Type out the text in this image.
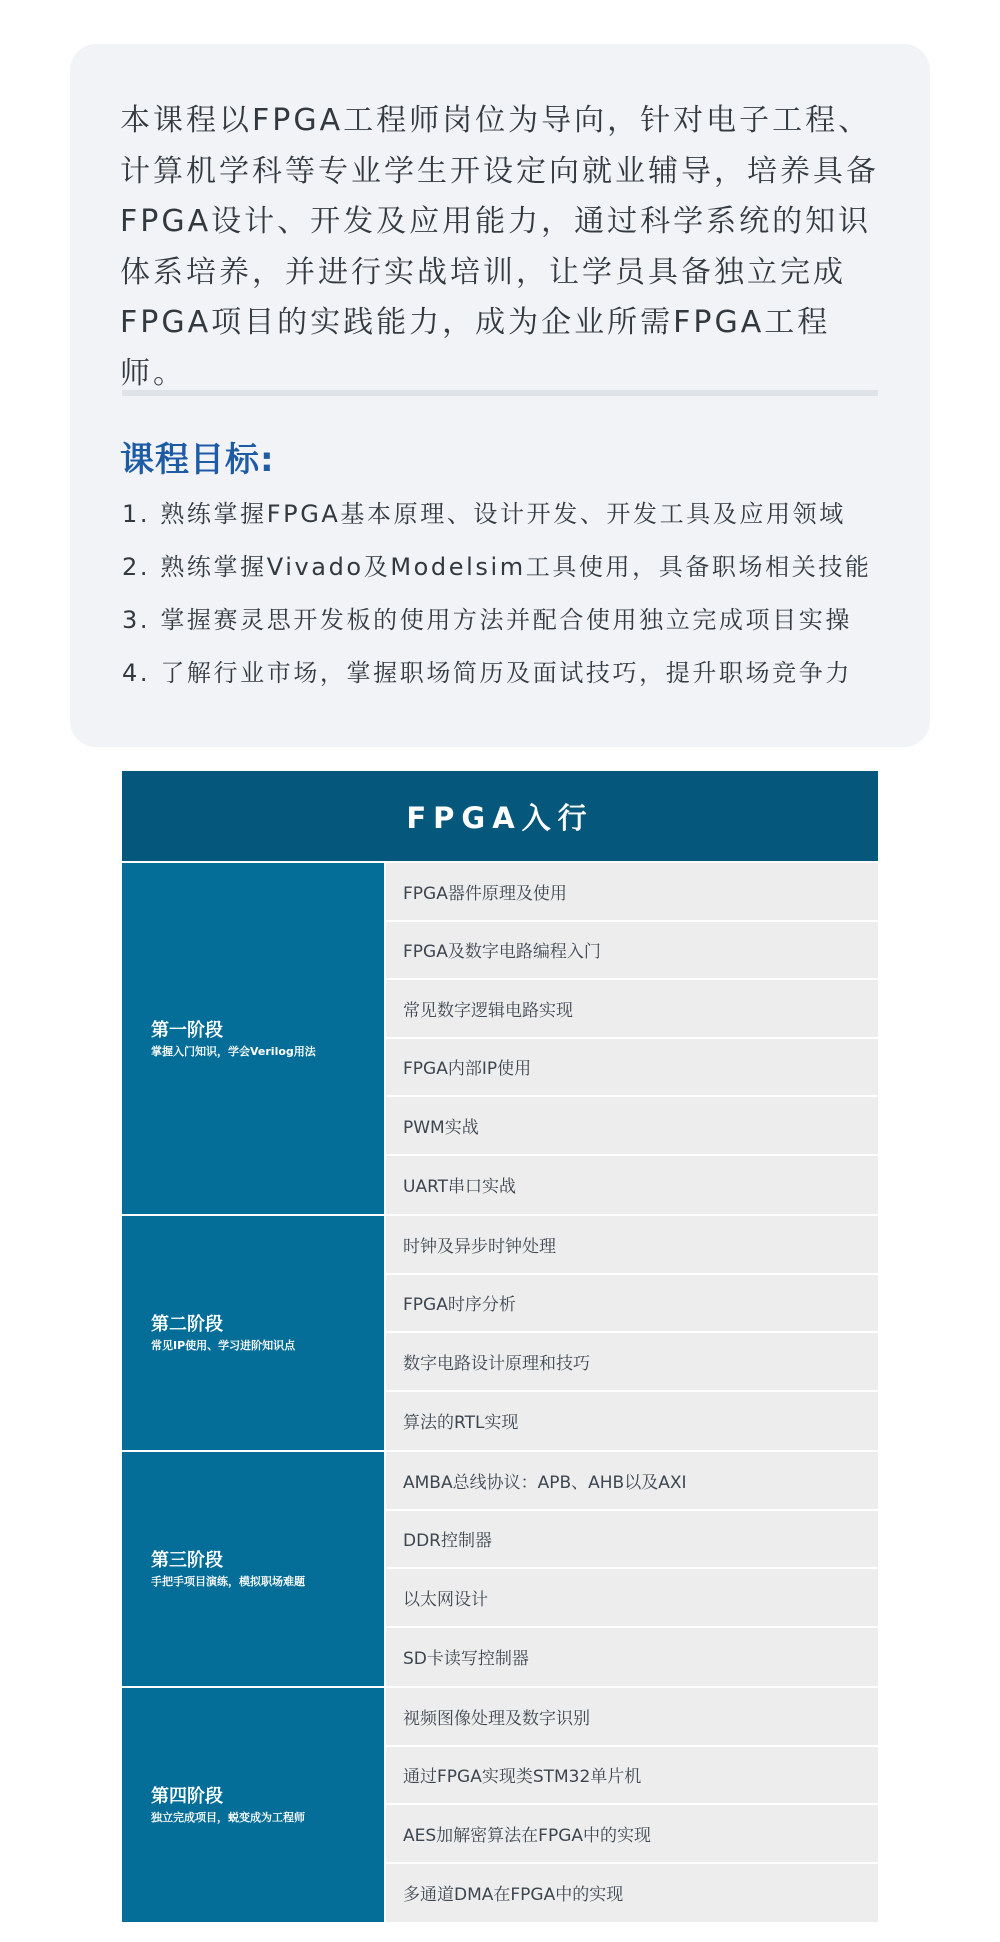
本课程以FPGA工程师岗位为导向，针对电子工程、
计算机学科等专业学生开设定向就业辅导，培养具备
FPGA设计、开发及应用能力，通过科学系统的知识
体系培养，并进行实战培训，让学员具备独立完成
FPGA项目的实践能力，成为企业所需FPGA工程师。
课程目标:
1. 熟练掌握FPGA基本原理、设计开发、开发工具及应用领域
2. 熟练掌握Vivado及Modelsim工具使用，具备职场相关技能
3. 掌握赛灵思开发板的使用方法并配合使用独立完成项目实操
4. 了解行业市场，掌握职场简历及面试技巧，提升职场竞争力
FPGA入行
第一阶段
掌握入门知识，学会Verilog用法
FPGA器件原理及使用
FPGA及数字电路编程入门
常见数字逻辑电路实现
FPGA内部IP使用
PWM实战
UART串口实战
第二阶段
常见IP使用、学习进阶知识点
时钟及异步时钟处理
FPGA时序分析
数字电路设计原理和技巧
算法的RTL实现
第三阶段
手把手项目演练，模拟职场难题
AMBA总线协议：APB、AHB以及AXI
DDR控制器
以太网设计
SD卡读写控制器
第四阶段
独立完成项目，蜕变成为工程师
视频图像处理及数字识别
通过FPGA实现类STM32单片机
AES加解密算法在FPGA中的实现
多通道DMA在FPGA中的实现
